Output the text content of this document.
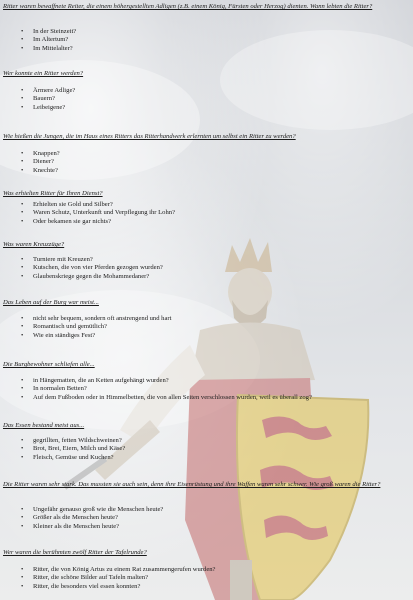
Ritter waren bewaffnete Reiter, die einem höhergestellten Adligen (z.B. einem König, Fürsten oder Herzog) dienten. Wann lebten die Ritter?
• In der Steinzeit?
• Im Altertum?
• Im Mittelalter?
Wer konnte ein Ritter werden?
• Ärmere Adlige?
• Bauern?
• Leibeigene?
Wie hießen die Jungen, die im Haus eines Ritters das Ritterhandwerk erlernten um selbst ein Ritter zu werden?
• Knappen?
• Diener?
• Knechte?
Was erhielten Ritter für Ihren Dienst?
• Erhielten sie Gold und Silber?
• Waren Schutz, Unterkunft und Verpflegung ihr Lohn?
• Oder bekamen sie gar nichts?
Was waren Kreuzzüge?
• Turniere mit Kreuzen?
• Kutschen, die von vier Pferden gezogen wurden?
• Glaubenskriege gegen die Mohammedaner?
Das Leben auf der Burg war meist...
• nicht sehr bequem, sondern oft anstrengend und hart
• Romantisch und gemütlich?
• Wie ein ständiges Fest?
Die Burgbewohner schliefen alle...
• in Hängematten, die an Ketten aufgehängt wurden?
• In normalen Betten?
• Auf dem Fußboden oder in Himmelbetten, die von allen Seiten verschlossen wurden, weil es überall zog?
Das Essen bestand meist aus...
• gegrillten, fetten Wildschweinen?
• Brot, Brei, Eiern, Milch und Käse?
• Fleisch, Gemüse und Kuchen?
Die Ritter waren sehr stark. Das mussten sie auch sein, denn ihre Eisenrüstung und ihre Waffen waren sehr schwer. Wie groß waren die Ritter?
• Ungefähr genauso groß wie die Menschen heute?
• Größer als die Menschen heute?
• Kleiner als die Menschen heute?
Wer waren die berühmten zwölf Ritter der Tafelrunde?
• Ritter, die von König Artus zu einem Rat zusammengerufen wurden?
• Ritter, die schöne Bilder auf Tafeln malten?
• Ritter, die besonders viel essen konnten?
